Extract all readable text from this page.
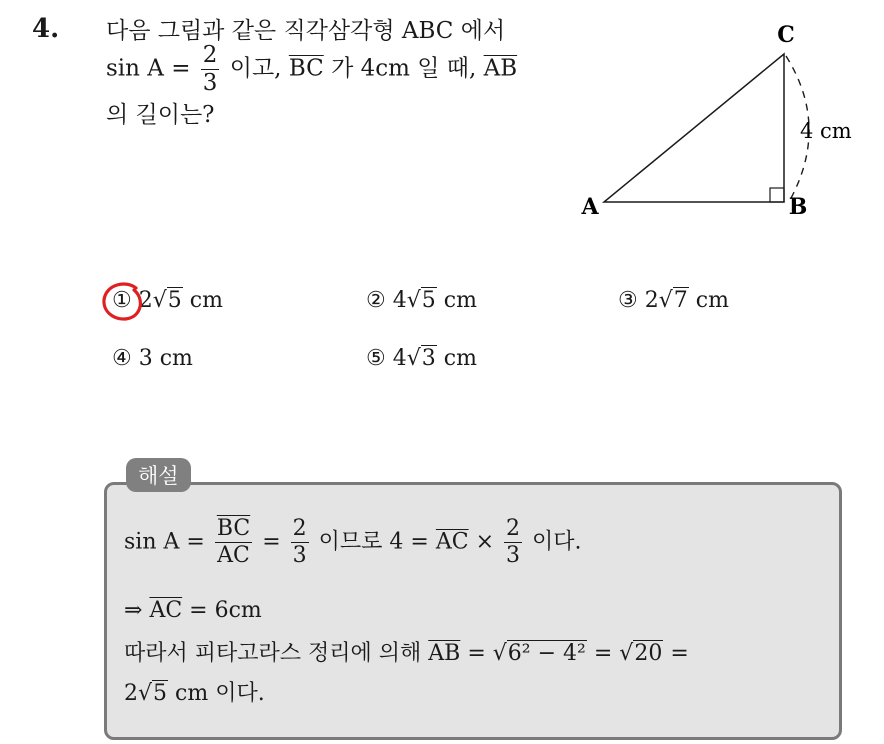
4. 다음 그림과 같은 직각삼각형 ABC 에서
$\sin A = \frac{2}{3}$ 이고, $\overline{BC}$ 가 4cm 일 때, $\overline{AB}$
의 길이는?
C
A	B
4 cm
① 2√5 cm	② 4√5 cm	③ 2√7 cm
④ 3 cm	⑤ 4√3 cm
해설
$\sin A = \frac{\overline{BC}}{AC} = \frac{2}{3}$ 이므로 $4 = \overline{AC} \times \frac{2}{3}$ 이다.
⇒ $\overline{AC} = 6cm$
따라서 피타고라스 정리에 의해 $\overline{AB} = √6^2 - 4^2 = √20$ =
2√5 cm 이다.
